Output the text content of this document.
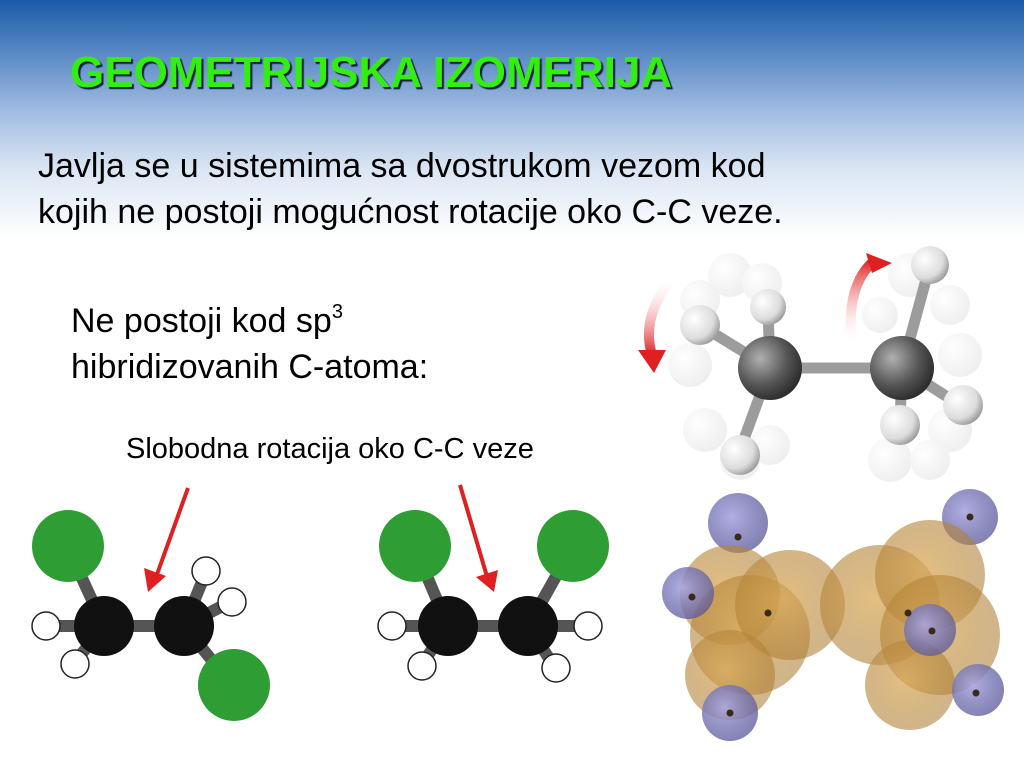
GEOMETRIJSKA IZOMERIJA
Javlja se u sistemima sa dvostrukom vezom kod
kojih ne postoji mogućnost rotacije oko C-C veze.
Ne postoji kod $sp^3$
hibridizovanih C-atoma:
Slobodna rotacija oko C-C veze
